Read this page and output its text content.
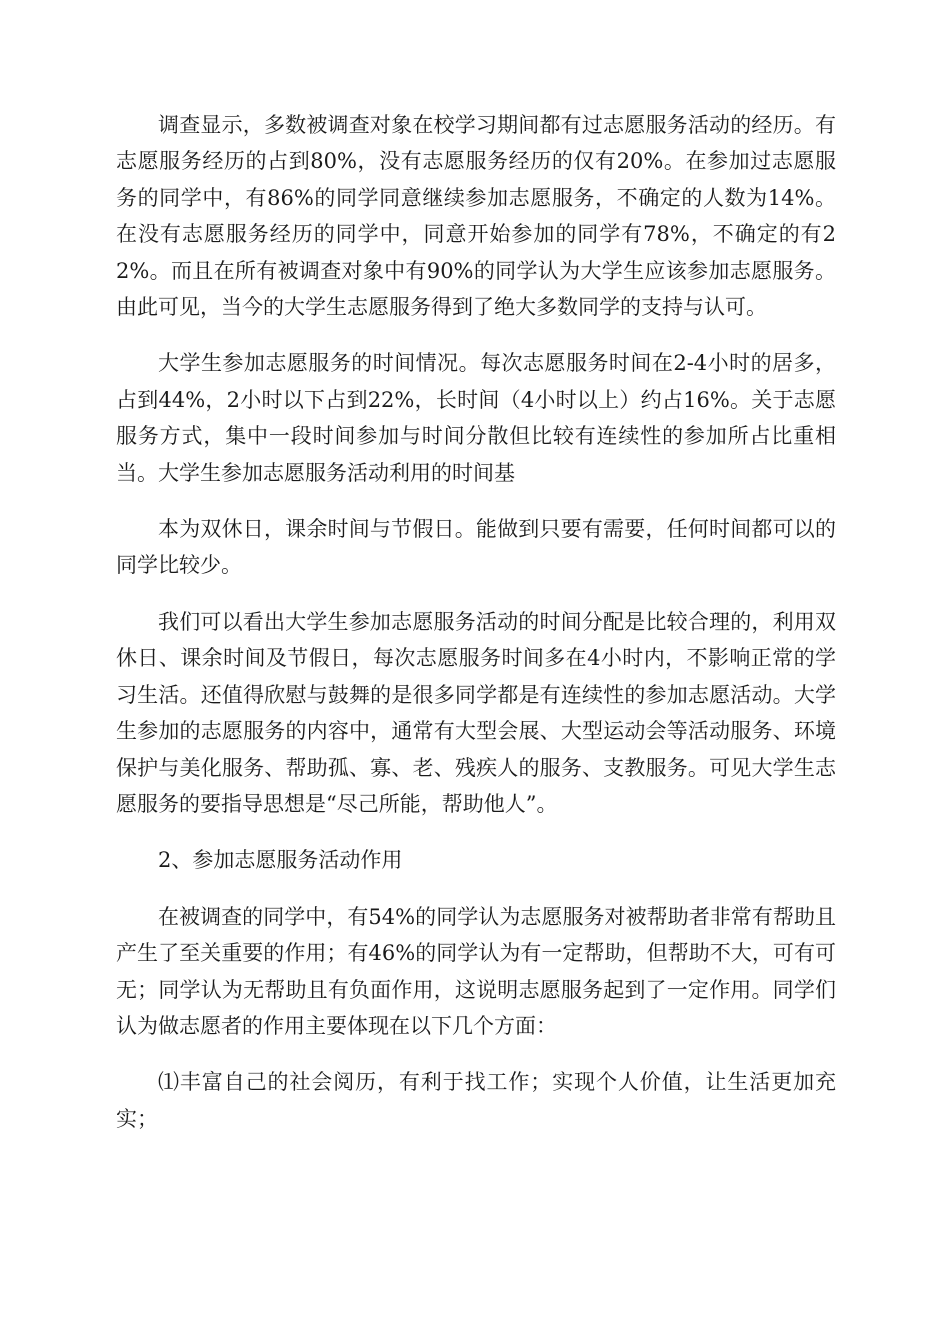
调查显示，多数被调查对象在校学习期间都有过志愿服务活动的经历。有志愿服务经历的占到80%，没有志愿服务经历的仅有20%。在参加过志愿服务的同学中，有86%的同学同意继续参加志愿服务，不确定的人数为14%。在没有志愿服务经历的同学中，同意开始参加的同学有78%，不确定的有22%。而且在所有被调查对象中有90%的同学认为大学生应该参加志愿服务。由此可见，当今的大学生志愿服务得到了绝大多数同学的支持与认可。

大学生参加志愿服务的时间情况。每次志愿服务时间在2-4小时的居多，占到44%，2小时以下占到22%，长时间（4小时以上）约占16%。关于志愿服务方式，集中一段时间参加与时间分散但比较有连续性的参加所占比重相当。大学生参加志愿服务活动利用的时间基

本为双休日，课余时间与节假日。能做到只要有需要，任何时间都可以的同学比较少。

我们可以看出大学生参加志愿服务活动的时间分配是比较合理的，利用双休日、课余时间及节假日，每次志愿服务时间多在4小时内，不影响正常的学习生活。还值得欣慰与鼓舞的是很多同学都是有连续性的参加志愿活动。大学生参加的志愿服务的内容中，通常有大型会展、大型运动会等活动服务、环境保护与美化服务、帮助孤、寡、老、残疾人的服务、支教服务。可见大学生志愿服务的要指导思想是“尽己所能，帮助他人”。

2、参加志愿服务活动作用

在被调查的同学中，有54%的同学认为志愿服务对被帮助者非常有帮助且产生了至关重要的作用；有46%的同学认为有一定帮助，但帮助不大，可有可无；同学认为无帮助且有负面作用，这说明志愿服务起到了一定作用。同学们认为做志愿者的作用主要体现在以下几个方面：

⑴丰富自己的社会阅历，有利于找工作；实现个人价值，让生活更加充实；
